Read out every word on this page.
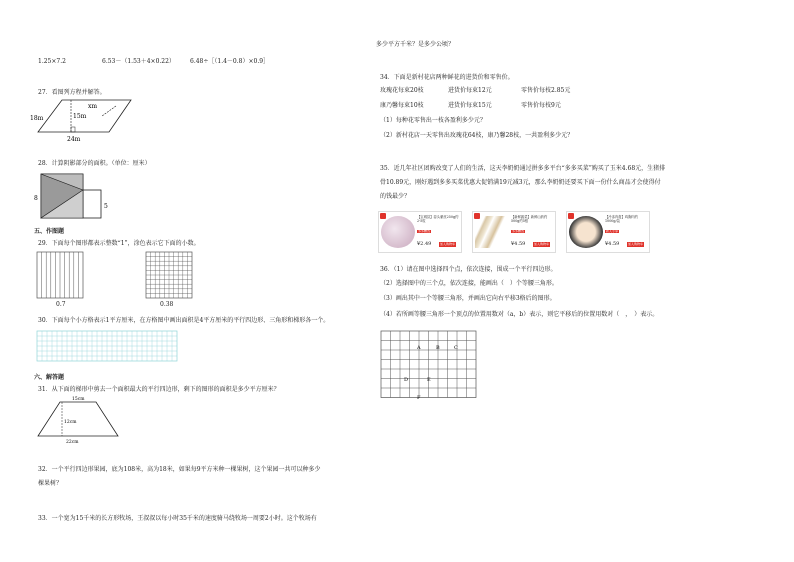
1.25×7.2	6.53－（1.53＋4×0.22）	6.48÷［（1.4－0.8）×0.9］
27．看图列方程并解答。
18m	15m
xm
24m
28．计算阴影部分的面积。（单位：厘米）
8
5
五、作图题
29．下面每个图形都表示整数“1”，涂色表示它下面的小数。
0.7	0.38
30．下面每个小方格表示1平方厘米，在方格图中画出面积是4平方厘米的平行四边形、三角形和梯形各一个。
六、解答题
31．从下面的梯形中剪去一个面积最大的平行四边形，剩下的图形的面积是多少平方厘米？
15cm
12cm
22cm
32．一个平行四边形果园，底为108米，高为18米，如果每9平方米种一棵果树，这个果园一共可以种多少
棵果树？
33．一个宽为15千米的长方形牧场，王叔叔以每小时35千米的速度骑马绕牧场一周要2小时。这个牧场有
多少平方千米？是多少公顷？
34．下面是新村花店两种鲜花的进货价和零售价。
玫瑰花每束20枝	进货价每束12元	零售价每枝2.85元
康乃馨每束10枝	进货价每束15元	零售价每枝9元
（1）每种花零售出一枝各盈利多少元？
（2）新村花店一天零售出玫瑰花64枝，康乃馨28枝，一共盈利多少元？
35．近几年社区团购改变了人们的生活，这天李奶奶通过拼多多平台“多多买菜”购买了玉米4.68元，生猪排
骨10.89元，刚好遇到多多买菜优惠大促销满19元减3元，那么李奶奶还要买下面一份什么商品才会使得付
的钱最少？
【宝城县】蒜头紫皮250g约2-5粒
多多精选
¥2.49	加入购物车
【新鲜蔬菜】新鲜山药约500g约5根
多多精选
¥4.59	加入购物车
【冷冻肉禽】鸡胸肉约1000g/袋
新人专享
¥4.59	加入购物车
36．（1）请在图中选择四个点，依次连接，围成一个平行四边形。
（2）选择图中的三个点，依次连接，能画出（　）个等腰三角形。
（3）画出其中一个等腰三角形，并画出它向右平移3格后的图形。
（4）若所画等腰三角形一个顶点的位置用数对（a，b）表示，则它平移后的位置用数对（　，　）表示。
A	B	C
D	E
F
